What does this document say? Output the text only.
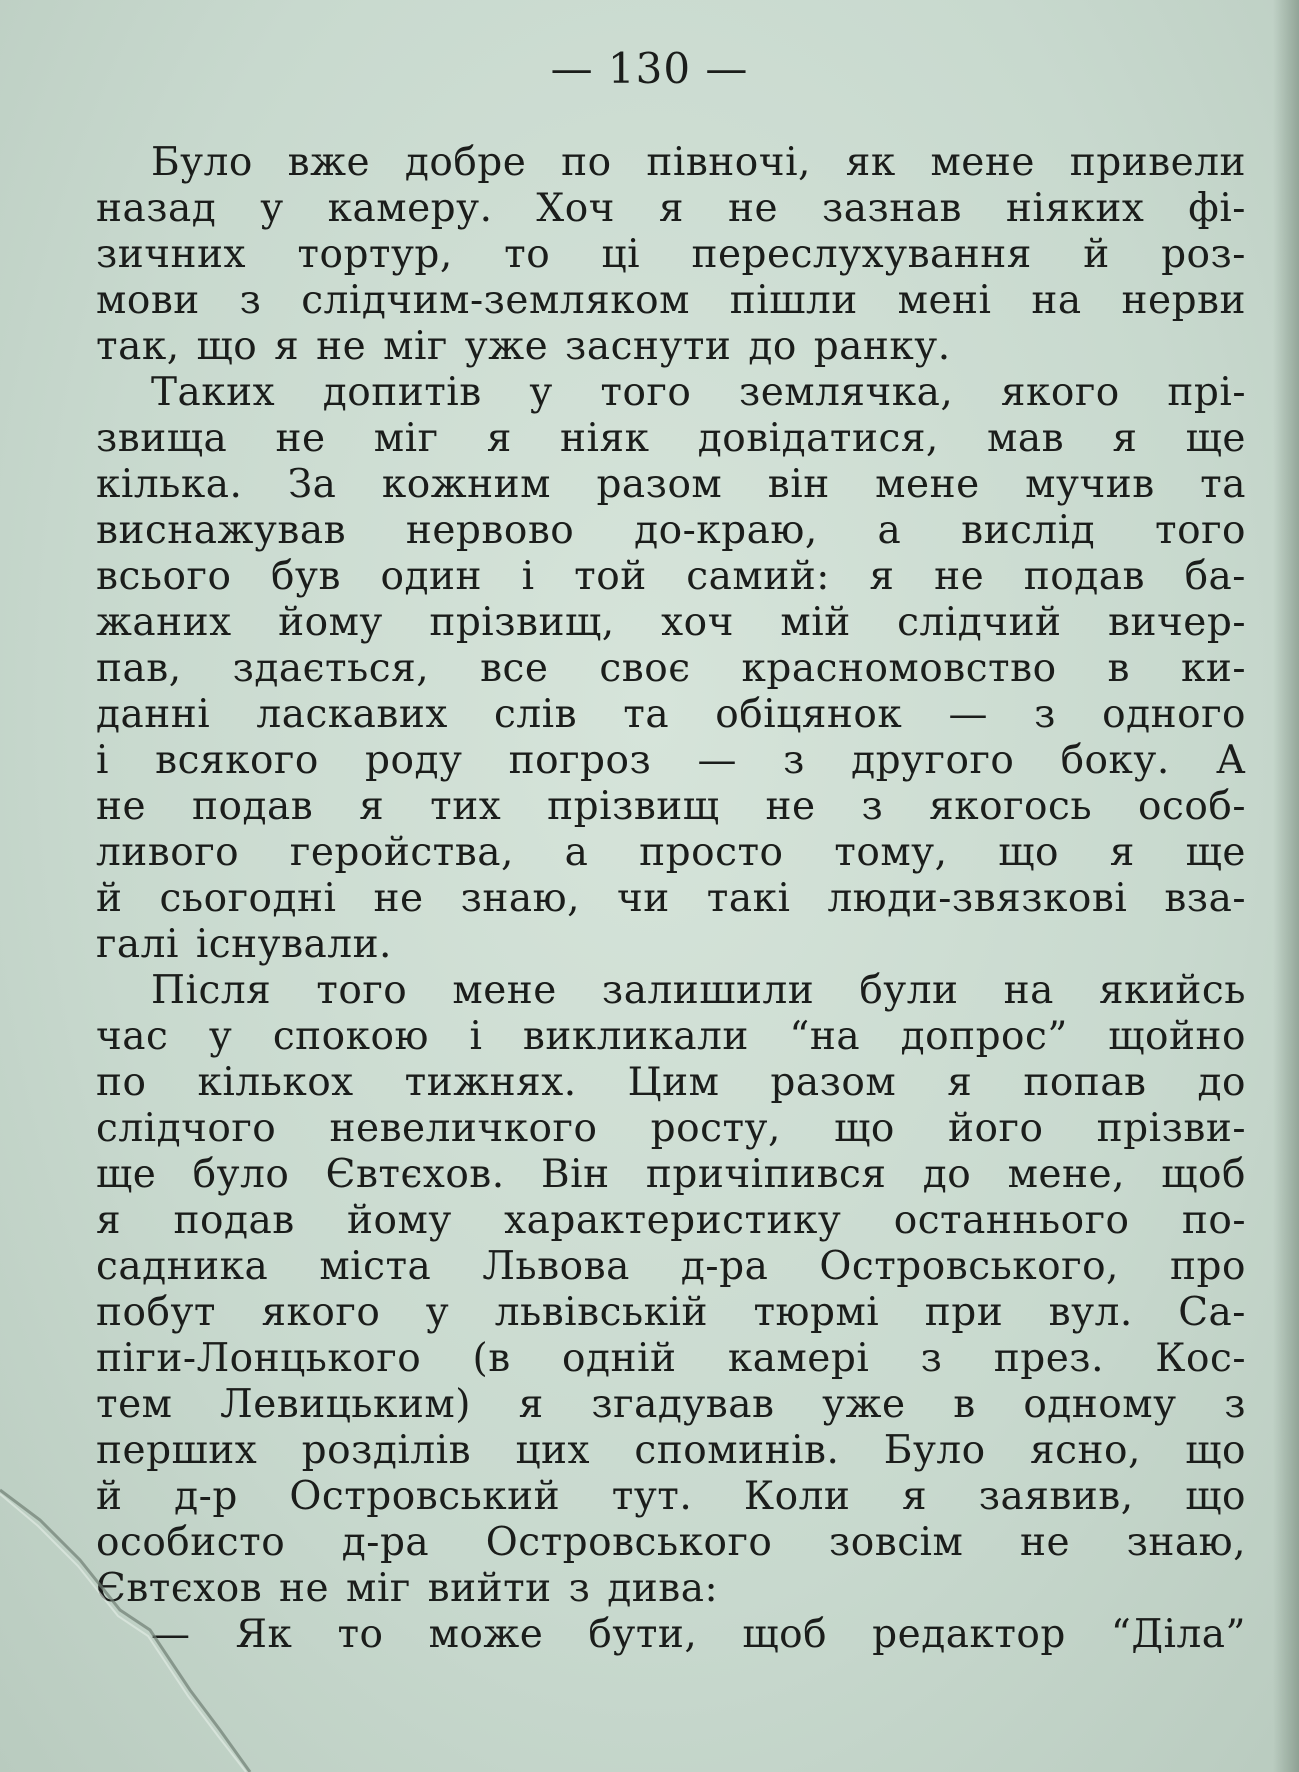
— 130 —
Було вже добре по півночі, як мене привели
назад у камеру. Хоч я не зазнав ніяких фі-
зичних тортур, то ці переслухування й роз-
мови з слідчим-земляком пішли мені на нерви
так, що я не міг уже заснути до ранку.
Таких допитів у того землячка, якого прі-
звища не міг я ніяк довідатися, мав я ще
кілька. За кожним разом він мене мучив та
виснажував нервово до-краю, а вислід того
всього був один і той самий: я не подав ба-
жаних йому прізвищ, хоч мій слідчий вичер-
пав, здається, все своє красномовство в ки-
данні ласкавих слів та обіцянок — з одного
і всякого роду погроз — з другого боку. А
не подав я тих прізвищ не з якогось особ-
ливого геройства, а просто тому, що я ще
й сьогодні не знаю, чи такі люди-звязкові вза-
галі існували.
Після того мене залишили були на якийсь
час у спокою і викликали “на допрос” щойно
по кількох тижнях. Цим разом я попав до
слідчого невеличкого росту, що його прізви-
ще було Євтєхов. Він причіпився до мене, щоб
я подав йому характеристику останнього по-
садника міста Львова д-ра Островського, про
побут якого у львівській тюрмі при вул. Са-
піги-Лонцького (в одній камері з през. Кос-
тем Левицьким) я згадував уже в одному з
перших розділів цих споминів. Було ясно, що
й д-р Островський тут. Коли я заявив, що
особисто д-ра Островського зовсім не знаю,
Євтєхов не міг вийти з дива:
— Як то може бути, щоб редактор “Діла”
